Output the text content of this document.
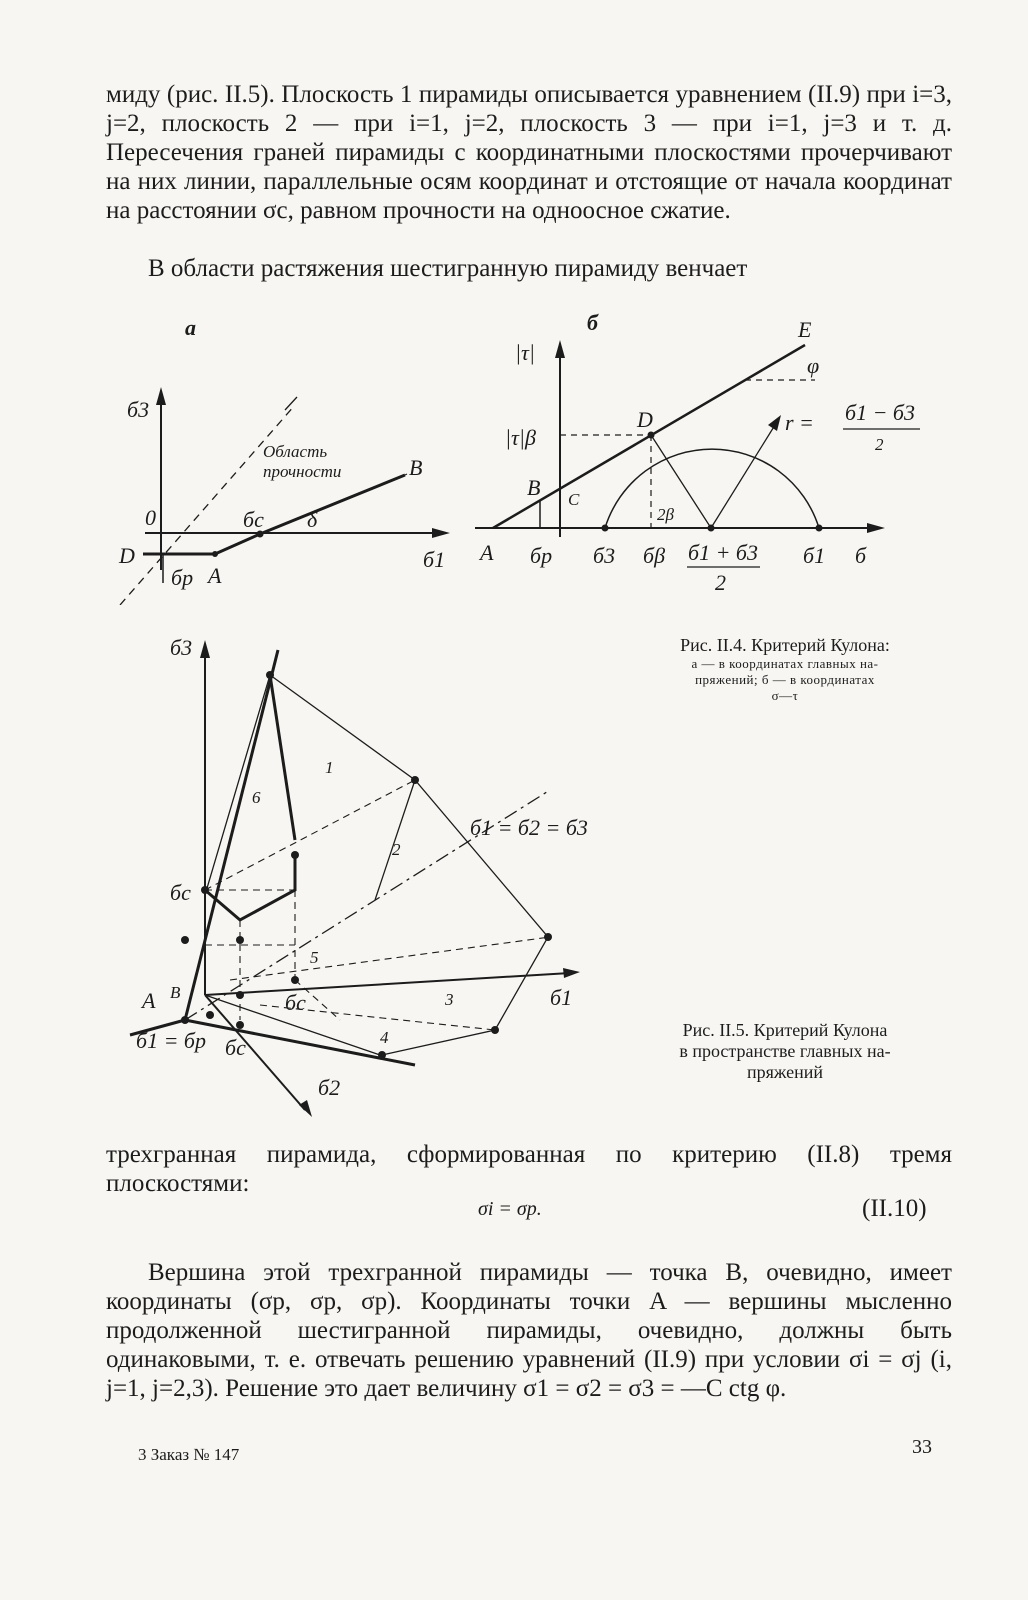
миду (рис. II.5). Плоскость 1 пирамиды описывается уравнением (II.9) при i=3, j=2, плоскость 2 — при i=1, j=2, плоскость 3 — при i=1, j=3 и т. д. Пересечения граней пирамиды с координатными плоскостями прочерчивают на них линии, параллельные осям координат и отстоящие от начала координат на расстоянии σc, равном прочности на одноосное сжатие.

В области растяжения шестигранную пирамиду венчает

а
б3
б1
0
D
A
B
бc
бp
δ
Область
прочности
б
|τ|
б
E
φ
|τ|β
D
B C
A
2β
r = б1 − б3
2
бp б3 бβ б1 + б3
2
б1
Рис. II.4. Критерий Кулона:
а — в координатах главных на-
пряжений; б — в координатах
σ—τ
б3
б1
б2
б1 = б2 = б3
бc
бc
бc
1
2
3
4
5
6
A B
б1 = бp	Рис. II.5. Критерий Кулона
в пространстве главных на-
пряжений

трехгранная пирамида, сформированная по критерию (II.8) тремя плоскостями:

σi = σp.	(II.10)

Вершина этой трехгранной пирамиды — точка B, очевидно, имеет координаты (σp, σp, σp). Координаты точки A — вершины мысленно продолженной шестигранной пирамиды, очевидно, должны быть одинаковыми, т. е. отвечать решению уравнений (II.9) при условии σi = σj (i, j=1, j=2,3). Решение это дает величину σ1 = σ2 = σ3 = —C ctg φ.

3 Заказ № 147	33
